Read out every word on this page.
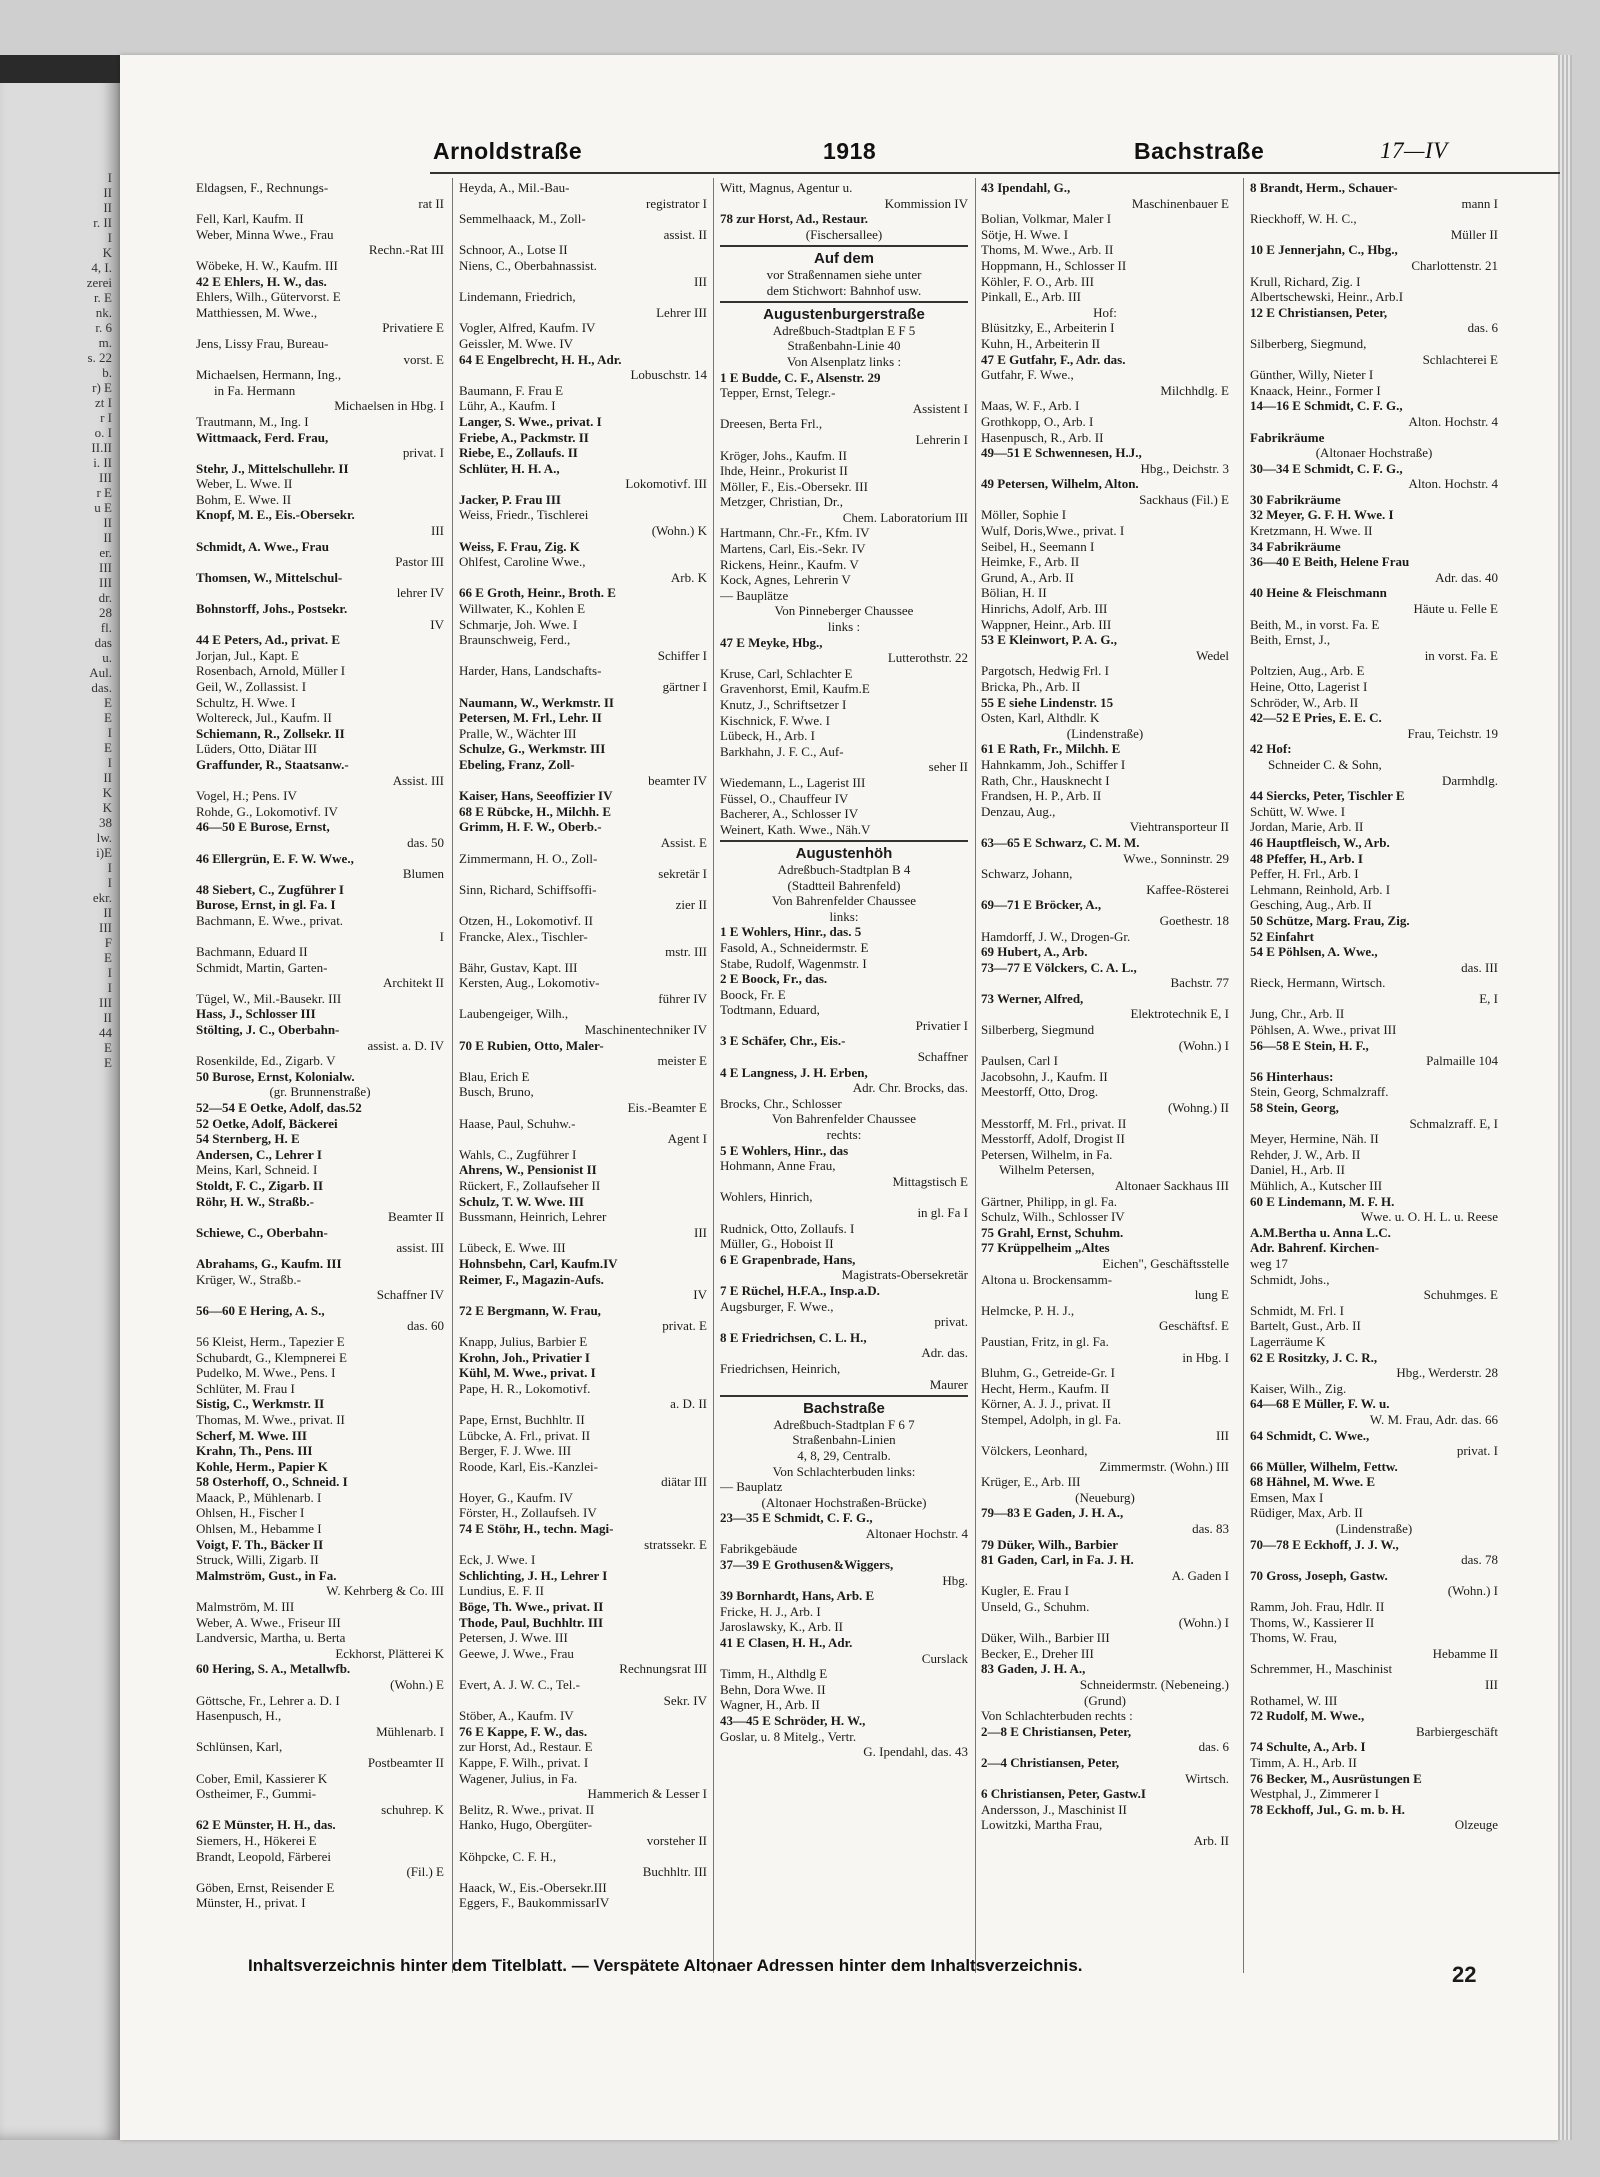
I
II
II
r. II
I
K
4, I.
zerei
r. E
nk.
r. 6
m.
s. 22
b.
r) E
zt I
r I
o. I
II.II
i. II
III
r E
u E
II
II
er.
III
III
dr.
28
fl.
das
u.
Aul.
das.
E
E
I
E
I
II
K
K
38
lw.
i)E
I
I
ekr.
II
III
F
E
I
I
III
II
44
E
E
Arnoldstraße	1918	Bachstraße	17—IV
Eldagsen, F., Rechnungs-
rat II
Fell, Karl, Kaufm. II
Weber, Minna Wwe., Frau
Rechn.-Rat III
Wöbeke, H. W., Kaufm. III
42 E Ehlers, H. W., das.
Ehlers, Wilh., Gütervorst. E
Matthiessen, M. Wwe.,
Privatiere E
Jens, Lissy Frau, Bureau-
vorst. E
Michaelsen, Hermann, Ing.,
in Fa. Hermann
Michaelsen in Hbg. I
Trautmann, M., Ing. I
Wittmaack, Ferd. Frau,
privat. I
Stehr, J., Mittelschullehr. II
Weber, L. Wwe. II
Bohm, E. Wwe. II
Knopf, M. E., Eis.-Obersekr.
III
Schmidt, A. Wwe., Frau
Pastor III
Thomsen, W., Mittelschul-
lehrer IV
Bohnstorff, Johs., Postsekr.
IV
44 E Peters, Ad., privat. E
Jorjan, Jul., Kapt. E
Rosenbach, Arnold, Müller I
Geil, W., Zollassist. I
Schultz, H. Wwe. I
Woltereck, Jul., Kaufm. II
Schiemann, R., Zollsekr. II
Lüders, Otto, Diätar III
Graffunder, R., Staatsanw.-
Assist. III
Vogel, H.; Pens. IV
Rohde, G., Lokomotivf. IV
46—50 E Burose, Ernst,
das. 50
46 Ellergrün, E. F. W. Wwe.,
Blumen
48 Siebert, C., Zugführer I
Burose, Ernst, in gl. Fa. I
Bachmann, E. Wwe., privat.
I
Bachmann, Eduard II
Schmidt, Martin, Garten-
Architekt II
Tügel, W., Mil.-Bausekr. III
Hass, J., Schlosser III
Stölting, J. C., Oberbahn-
assist. a. D. IV
Rosenkilde, Ed., Zigarb. V
50 Burose, Ernst, Kolonialw.
(gr. Brunnenstraße)
52—54 E Oetke, Adolf, das.52
52 Oetke, Adolf, Bäckerei
54 Sternberg, H. E
Andersen, C., Lehrer I
Meins, Karl, Schneid. I
Stoldt, F. C., Zigarb. II
Röhr, H. W., Straßb.-
Beamter II
Schiewe, C., Oberbahn-
assist. III
Abrahams, G., Kaufm. III
Krüger, W., Straßb.-
Schaffner IV
56—60 E Hering, A. S.,
das. 60
56 Kleist, Herm., Tapezier E
Schubardt, G., Klempnerei E
Pudelko, M. Wwe., Pens. I
Schlüter, M. Frau I
Sistig, C., Werkmstr. II
Thomas, M. Wwe., privat. II
Scherf, M. Wwe. III
Krahn, Th., Pens. III
Kohle, Herm., Papier K
58 Osterhoff, O., Schneid. I
Maack, P., Mühlenarb. I
Ohlsen, H., Fischer I
Ohlsen, M., Hebamme I
Voigt, F. Th., Bäcker II
Struck, Willi, Zigarb. II
Malmström, Gust., in Fa.
W. Kehrberg & Co. III
Malmström, M. III
Weber, A. Wwe., Friseur III
Landversic, Martha, u. Berta
Eckhorst, Plätterei K
60 Hering, S. A., Metallwfb.
(Wohn.) E
Göttsche, Fr., Lehrer a. D. I
Hasenpusch, H.,
Mühlenarb. I
Schlünsen, Karl,
Postbeamter II
Cober, Emil, Kassierer K
Ostheimer, F., Gummi-
schuhrep. K
62 E Münster, H. H., das.
Siemers, H., Hökerei E
Brandt, Leopold, Färberei
(Fil.) E
Göben, Ernst, Reisender E
Münster, H., privat. I
Heyda, A., Mil.-Bau-
registrator I
Semmelhaack, M., Zoll-
assist. II
Schnoor, A., Lotse II
Niens, C., Oberbahnassist.
III
Lindemann, Friedrich,
Lehrer III
Vogler, Alfred, Kaufm. IV
Geissler, M. Wwe. IV
64 E Engelbrecht, H. H., Adr.
Lobuschstr. 14
Baumann, F. Frau E
Lühr, A., Kaufm. I
Langer, S. Wwe., privat. I
Friebe, A., Packmstr. II
Riebe, E., Zollaufs. II
Schlüter, H. H. A.,
Lokomotivf. III
Jacker, P. Frau III
Weiss, Friedr., Tischlerei
(Wohn.) K
Weiss, F. Frau, Zig. K
Ohlfest, Caroline Wwe.,
Arb. K
66 E Groth, Heinr., Broth. E
Willwater, K., Kohlen E
Schmarje, Joh. Wwe. I
Braunschweig, Ferd.,
Schiffer I
Harder, Hans, Landschafts-
gärtner I
Naumann, W., Werkmstr. II
Petersen, M. Frl., Lehr. II
Pralle, W., Wächter III
Schulze, G., Werkmstr. III
Ebeling, Franz, Zoll-
beamter IV
Kaiser, Hans, Seeoffizier IV
68 E Rübcke, H., Milchh. E
Grimm, H. F. W., Oberb.-
Assist. E
Zimmermann, H. O., Zoll-
sekretär I
Sinn, Richard, Schiffsoffi-
zier II
Otzen, H., Lokomotivf. II
Francke, Alex., Tischler-
mstr. III
Bähr, Gustav, Kapt. III
Kersten, Aug., Lokomotiv-
führer IV
Laubengeiger, Wilh.,
Maschinentechniker IV
70 E Rubien, Otto, Maler-
meister E
Blau, Erich E
Busch, Bruno,
Eis.-Beamter E
Haase, Paul, Schuhw.-
Agent I
Wahls, C., Zugführer I
Ahrens, W., Pensionist II
Rückert, F., Zollaufseher II
Schulz, T. W. Wwe. III
Bussmann, Heinrich, Lehrer
III
Lübeck, E. Wwe. III
Hohnsbehn, Carl, Kaufm.IV
Reimer, F., Magazin-Aufs.
IV
72 E Bergmann, W. Frau,
privat. E
Knapp, Julius, Barbier E
Krohn, Joh., Privatier I
Kühl, M. Wwe., privat. I
Pape, H. R., Lokomotivf.
a. D. II
Pape, Ernst, Buchhltr. II
Lübcke, A. Frl., privat. II
Berger, F. J. Wwe. III
Roode, Karl, Eis.-Kanzlei-
diätar III
Hoyer, G., Kaufm. IV
Förster, H., Zollaufseh. IV
74 E Stöhr, H., techn. Magi-
stratssekr. E
Eck, J. Wwe. I
Schlichting, J. H., Lehrer I
Lundius, E. F. II
Böge, Th. Wwe., privat. II
Thode, Paul, Buchhltr. III
Petersen, J. Wwe. III
Geewe, J. Wwe., Frau
Rechnungsrat III
Evert, A. J. W. C., Tel.-
Sekr. IV
Stöber, A., Kaufm. IV
76 E Kappe, F. W., das.
zur Horst, Ad., Restaur. E
Kappe, F. Wilh., privat. I
Wagener, Julius, in Fa.
Hammerich & Lesser I
Belitz, R. Wwe., privat. II
Hanko, Hugo, Obergüter-
vorsteher II
Köhpcke, C. F. H.,
Buchhltr. III
Haack, W., Eis.-Obersekr.III
Eggers, F., BaukommissarIV
Witt, Magnus, Agentur u.
Kommission IV
78 zur Horst, Ad., Restaur.
(Fischersallee)
Auf dem
vor Straßennamen siehe unter
dem Stichwort: Bahnhof usw.
Augustenburgerstraße
Adreßbuch-Stadtplan E F 5
Straßenbahn-Linie 40
Von Alsenplatz links :
1 E Budde, C. F., Alsenstr. 29
Tepper, Ernst, Telegr.-
Assistent I
Dreesen, Berta Frl.,
Lehrerin I
Kröger, Johs., Kaufm. II
Ihde, Heinr., Prokurist II
Möller, F., Eis.-Obersekr. III
Metzger, Christian, Dr.,
Chem. Laboratorium III
Hartmann, Chr.-Fr., Kfm. IV
Martens, Carl, Eis.-Sekr. IV
Rickens, Heinr., Kaufm. V
Kock, Agnes, Lehrerin V
— Bauplätze
Von Pinneberger Chaussee
links :
47 E Meyke, Hbg.,
Lutterothstr. 22
Kruse, Carl, Schlachter E
Gravenhorst, Emil, Kaufm.E
Knutz, J., Schriftsetzer I
Kischnick, F. Wwe. I
Lübeck, H., Arb. I
Barkhahn, J. F. C., Auf-
seher II
Wiedemann, L., Lagerist III
Füssel, O., Chauffeur IV
Bacherer, A., Schlosser IV
Weinert, Kath. Wwe., Näh.V
Augustenhöh
Adreßbuch-Stadtplan B 4
(Stadtteil Bahrenfeld)
Von Bahrenfelder Chaussee
links:
1 E Wohlers, Hinr., das. 5
Fasold, A., Schneidermstr. E
Stabe, Rudolf, Wagenmstr. I
2 E Boock, Fr., das.
Boock, Fr. E
Todtmann, Eduard,
Privatier I
3 E Schäfer, Chr., Eis.-
Schaffner
4 E Langness, J. H. Erben,
Adr. Chr. Brocks, das.
Brocks, Chr., Schlosser
Von Bahrenfelder Chaussee
rechts:
5 E Wohlers, Hinr., das
Hohmann, Anne Frau,
Mittagstisch E
Wohlers, Hinrich,
in gl. Fa I
Rudnick, Otto, Zollaufs. I
Müller, G., Hoboist II
6 E Grapenbrade, Hans,
Magistrats-Obersekretär
7 E Rüchel, H.F.A., Insp.a.D.
Augsburger, F. Wwe.,
privat.
8 E Friedrichsen, C. L. H.,
Adr. das.
Friedrichsen, Heinrich,
Maurer
Bachstraße
Adreßbuch-Stadtplan F 6 7
Straßenbahn-Linien
4, 8, 29, Centralb.
Von Schlachterbuden links:
— Bauplatz
(Altonaer Hochstraßen-Brücke)
23—35 E Schmidt, C. F. G.,
Altonaer Hochstr. 4
Fabrikgebäude
37—39 E Grothusen&Wiggers,
Hbg.
39 Bornhardt, Hans, Arb. E
Fricke, H. J., Arb. I
Jaroslawsky, K., Arb. II
41 E Clasen, H. H., Adr.
Curslack
Timm, H., Althdlg E
Behn, Dora Wwe. II
Wagner, H., Arb. II
43—45 E Schröder, H. W.,
Goslar, u. 8 Mitelg., Vertr.
G. Ipendahl, das. 43
43 Ipendahl, G.,
Maschinenbauer E
Bolian, Volkmar, Maler I
Sötje, H. Wwe. I
Thoms, M. Wwe., Arb. II
Hoppmann, H., Schlosser II
Köhler, F. O., Arb. III
Pinkall, E., Arb. III
Hof:
Blüsitzky, E., Arbeiterin I
Kuhn, H., Arbeiterin II
47 E Gutfahr, F., Adr. das.
Gutfahr, F. Wwe.,
Milchhdlg. E
Maas, W. F., Arb. I
Grothkopp, O., Arb. I
Hasenpusch, R., Arb. II
49—51 E Schwennesen, H.J.,
Hbg., Deichstr. 3
49 Petersen, Wilhelm, Alton.
Sackhaus (Fil.) E
Möller, Sophie I
Wulf, Doris,Wwe., privat. I
Seibel, H., Seemann I
Heimke, F., Arb. II
Grund, A., Arb. II
Bölian, H. II
Hinrichs, Adolf, Arb. III
Wappner, Heinr., Arb. III
53 E Kleinwort, P. A. G.,
Wedel
Pargotsch, Hedwig Frl. I
Bricka, Ph., Arb. II
55 E siehe Lindenstr. 15
Osten, Karl, Althdlr. K
(Lindenstraße)
61 E Rath, Fr., Milchh. E
Hahnkamm, Joh., Schiffer I
Rath, Chr., Hausknecht I
Frandsen, H. P., Arb. II
Denzau, Aug.,
Viehtransporteur II
63—65 E Schwarz, C. M. M.
Wwe., Sonninstr. 29
Schwarz, Johann,
Kaffee-Rösterei
69—71 E Bröcker, A.,
Goethestr. 18
Hamdorff, J. W., Drogen-Gr.
69 Hubert, A., Arb.
73—77 E Völckers, C. A. L.,
Bachstr. 77
73 Werner, Alfred,
Elektrotechnik E, I
Silberberg, Siegmund
(Wohn.) I
Paulsen, Carl I
Jacobsohn, J., Kaufm. II
Meestorff, Otto, Drog.
(Wohng.) II
Messtorff, M. Frl., privat. II
Messtorff, Adolf, Drogist II
Petersen, Wilhelm, in Fa.
Wilhelm Petersen,
Altonaer Sackhaus III
Gärtner, Philipp, in gl. Fa.
Schulz, Wilh., Schlosser IV
75 Grahl, Ernst, Schuhm.
77 Krüppelheim „Altes
Eichen", Geschäftsstelle
Altona u. Brockensamm-
lung E
Helmcke, P. H. J.,
Geschäftsf. E
Paustian, Fritz, in gl. Fa.
in Hbg. I
Bluhm, G., Getreide-Gr. I
Hecht, Herm., Kaufm. II
Körner, A. J. J., privat. II
Stempel, Adolph, in gl. Fa.
III
Völckers, Leonhard,
Zimmermstr. (Wohn.) III
Krüger, E., Arb. III
(Neueburg)
79—83 E Gaden, J. H. A.,
das. 83
79 Düker, Wilh., Barbier
81 Gaden, Carl, in Fa. J. H.
A. Gaden I
Kugler, E. Frau I
Unseld, G., Schuhm.
(Wohn.) I
Düker, Wilh., Barbier III
Becker, E., Dreher III
83 Gaden, J. H. A.,
Schneidermstr. (Nebeneing.)
(Grund)
Von Schlachterbuden rechts :
2—8 E Christiansen, Peter,
das. 6
2—4 Christiansen, Peter,
Wirtsch.
6 Christiansen, Peter, Gastw.I
Andersson, J., Maschinist II
Lowitzki, Martha Frau,
Arb. II
8 Brandt, Herm., Schauer-
mann I
Rieckhoff, W. H. C.,
Müller II
10 E Jennerjahn, C., Hbg.,
Charlottenstr. 21
Krull, Richard, Zig. I
Albertschewski, Heinr., Arb.I
12 E Christiansen, Peter,
das. 6
Silberberg, Siegmund,
Schlachterei E
Günther, Willy, Nieter I
Knaack, Heinr., Former I
14—16 E Schmidt, C. F. G.,
Alton. Hochstr. 4
Fabrikräume
(Altonaer Hochstraße)
30—34 E Schmidt, C. F. G.,
Alton. Hochstr. 4
30 Fabrikräume
32 Meyer, G. F. H. Wwe. I
Kretzmann, H. Wwe. II
34 Fabrikräume
36—40 E Beith, Helene Frau
Adr. das. 40
40 Heine & Fleischmann
Häute u. Felle E
Beith, M., in vorst. Fa. E
Beith, Ernst, J.,
in vorst. Fa. E
Poltzien, Aug., Arb. E
Heine, Otto, Lagerist I
Schröder, W., Arb. II
42—52 E Pries, E. E. C.
Frau, Teichstr. 19
42 Hof:
Schneider C. & Sohn,
Darmhdlg.
44 Siercks, Peter, Tischler E
Schütt, W. Wwe. I
Jordan, Marie, Arb. II
46 Hauptfleisch, W., Arb.
48 Pfeffer, H., Arb. I
Peffer, H. Frl., Arb. I
Lehmann, Reinhold, Arb. I
Gesching, Aug., Arb. II
50 Schütze, Marg. Frau, Zig.
52 Einfahrt
54 E Pöhlsen, A. Wwe.,
das. III
Rieck, Hermann, Wirtsch.
E, I
Jung, Chr., Arb. II
Pöhlsen, A. Wwe., privat III
56—58 E Stein, H. F.,
Palmaille 104
56 Hinterhaus:
Stein, Georg, Schmalzraff.
58 Stein, Georg,
Schmalzraff. E, I
Meyer, Hermine, Näh. II
Rehder, J. W., Arb. II
Daniel, H., Arb. II
Mühlich, A., Kutscher III
60 E Lindemann, M. F. H.
Wwe. u. O. H. L. u. Reese
A.M.Bertha u. Anna L.C.
Adr. Bahrenf. Kirchen-
weg 17
Schmidt, Johs.,
Schuhmges. E
Schmidt, M. Frl. I
Bartelt, Gust., Arb. II
Lagerräume K
62 E Rositzky, J. C. R.,
Hbg., Werderstr. 28
Kaiser, Wilh., Zig.
64—68 E Müller, F. W. u.
W. M. Frau, Adr. das. 66
64 Schmidt, C. Wwe.,
privat. I
66 Müller, Wilhelm, Fettw.
68 Hähnel, M. Wwe. E
Emsen, Max I
Rüdiger, Max, Arb. II
(Lindenstraße)
70—78 E Eckhoff, J. J. W.,
das. 78
70 Gross, Joseph, Gastw.
(Wohn.) I
Ramm, Joh. Frau, Hdlr. II
Thoms, W., Kassierer II
Thoms, W. Frau,
Hebamme II
Schremmer, H., Maschinist
III
Rothamel, W. III
72 Rudolf, M. Wwe.,
Barbiergeschäft
74 Schulte, A., Arb. I
Timm, A. H., Arb. II
76 Becker, M., Ausrüstungen E
Westphal, J., Zimmerer I
78 Eckhoff, Jul., G. m. b. H.
Olzeuge
Inhaltsverzeichnis hinter dem Titelblatt. — Verspätete Altonaer Adressen hinter dem Inhaltsverzeichnis.	22
